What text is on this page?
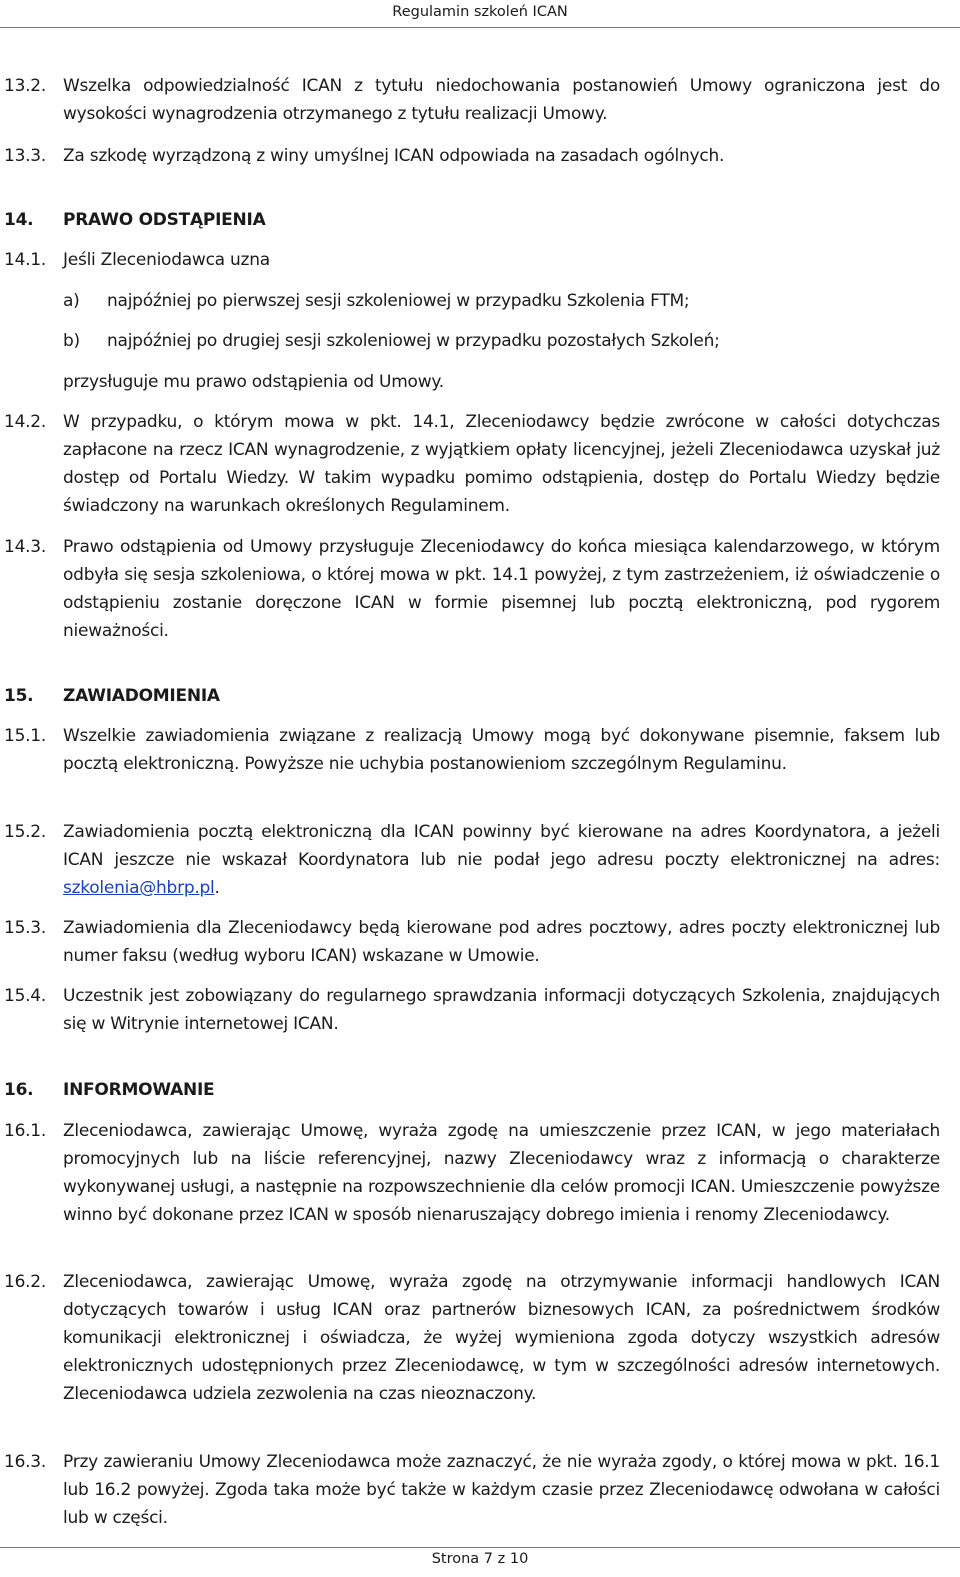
Regulamin szkoleń ICAN
13.2. Wszelka odpowiedzialność ICAN z tytułu niedochowania postanowień Umowy ograniczona jest do wysokości wynagrodzenia otrzymanego z tytułu realizacji Umowy.
13.3. Za szkodę wyrządzoną z winy umyślnej ICAN odpowiada na zasadach ogólnych.
14. PRAWO ODSTĄPIENIA
14.1. Jeśli Zleceniodawca uzna
a) najpóźniej po pierwszej sesji szkoleniowej w przypadku Szkolenia FTM;
b) najpóźniej po drugiej sesji szkoleniowej w przypadku pozostałych Szkoleń;
przysługuje mu prawo odstąpienia od Umowy.
14.2. W przypadku, o którym mowa w pkt. 14.1, Zleceniodawcy będzie zwrócone w całości dotychczas zapłacone na rzecz ICAN wynagrodzenie, z wyjątkiem opłaty licencyjnej, jeżeli Zleceniodawca uzyskał już dostęp od Portalu Wiedzy. W takim wypadku pomimo odstąpienia, dostęp do Portalu Wiedzy będzie świadczony na warunkach określonych Regulaminem.
14.3. Prawo odstąpienia od Umowy przysługuje Zleceniodawcy do końca miesiąca kalendarzowego, w którym odbyła się sesja szkoleniowa, o której mowa w pkt. 14.1 powyżej, z tym zastrzeżeniem, iż oświadczenie o odstąpieniu zostanie doręczone ICAN w formie pisemnej lub pocztą elektroniczną, pod rygorem nieważności.
15. ZAWIADOMIENIA
15.1. Wszelkie zawiadomienia związane z realizacją Umowy mogą być dokonywane pisemnie, faksem lub pocztą elektroniczną. Powyższe nie uchybia postanowieniom szczególnym Regulaminu.
15.2. Zawiadomienia pocztą elektroniczną dla ICAN powinny być kierowane na adres Koordynatora, a jeżeli ICAN jeszcze nie wskazał Koordynatora lub nie podał jego adresu poczty elektronicznej na adres: szkolenia@hbrp.pl.
15.3. Zawiadomienia dla Zleceniodawcy będą kierowane pod adres pocztowy, adres poczty elektronicznej lub numer faksu (według wyboru ICAN) wskazane w Umowie.
15.4. Uczestnik jest zobowiązany do regularnego sprawdzania informacji dotyczących Szkolenia, znajdujących się w Witrynie internetowej ICAN.
16. INFORMOWANIE
16.1. Zleceniodawca, zawierając Umowę, wyraża zgodę na umieszczenie przez ICAN, w jego materiałach promocyjnych lub na liście referencyjnej, nazwy Zleceniodawcy wraz z informacją o charakterze wykonywanej usługi, a następnie na rozpowszechnienie dla celów promocji ICAN. Umieszczenie powyższe winno być dokonane przez ICAN w sposób nienaruszający dobrego imienia i renomy Zleceniodawcy.
16.2. Zleceniodawca, zawierając Umowę, wyraża zgodę na otrzymywanie informacji handlowych ICAN dotyczących towarów i usług ICAN oraz partnerów biznesowych ICAN, za pośrednictwem środków komunikacji elektronicznej i oświadcza, że wyżej wymieniona zgoda dotyczy wszystkich adresów elektronicznych udostępnionych przez Zleceniodawcę, w tym w szczególności adresów internetowych. Zleceniodawca udziela zezwolenia na czas nieoznaczony.
16.3. Przy zawieraniu Umowy Zleceniodawca może zaznaczyć, że nie wyraża zgody, o której mowa w pkt. 16.1 lub 16.2 powyżej. Zgoda taka może być także w każdym czasie przez Zleceniodawcę odwołana w całości lub w części.
Strona 7 z 10
